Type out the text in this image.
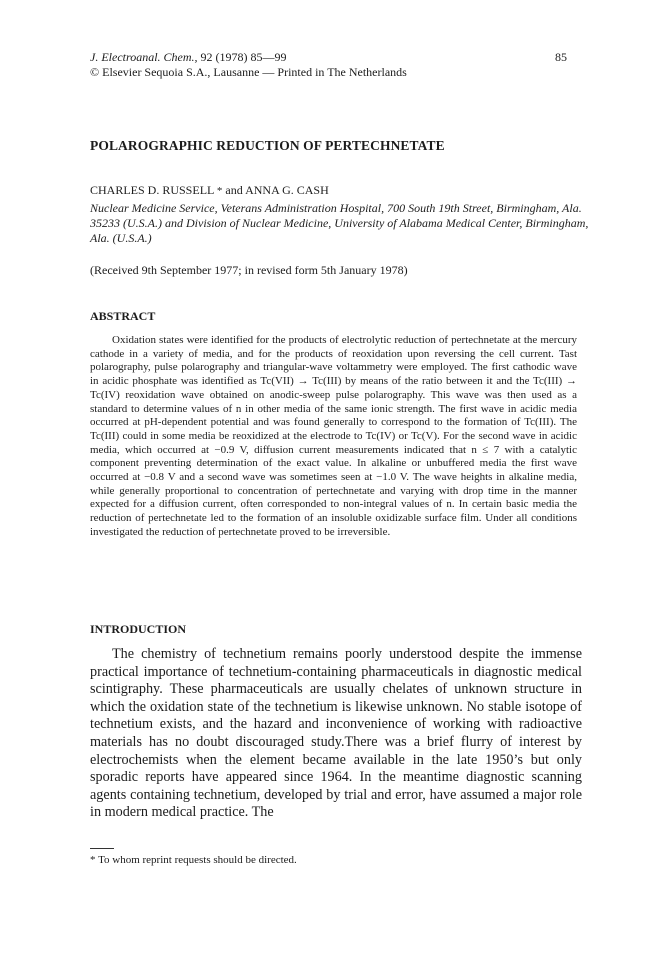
J. Electroanal. Chem., 92 (1978) 85—99

© Elsevier Sequoia S.A., Lausanne — Printed in The Netherlands

85

POLAROGRAPHIC REDUCTION OF PERTECHNETATE

CHARLES D. RUSSELL * and ANNA G. CASH

Nuclear Medicine Service, Veterans Administration Hospital, 700 South 19th Street, Birmingham, Ala. 35233 (U.S.A.) and Division of Nuclear Medicine, University of Alabama Medical Center, Birmingham, Ala. (U.S.A.)

(Received 9th September 1977; in revised form 5th January 1978)

ABSTRACT

Oxidation states were identified for the products of electrolytic reduction of pertechnetate at the mercury cathode in a variety of media, and for the products of reoxidation upon reversing the cell current. Tast polarography, pulse polarography and triangular-wave voltammetry were employed. The first cathodic wave in acidic phosphate was identified as Tc(VII) → Tc(III) by means of the ratio between it and the Tc(III) → Tc(IV) reoxidation wave obtained on anodic-sweep pulse polarography. This wave was then used as a standard to determine values of n in other media of the same ionic strength. The first wave in acidic media occurred at pH-dependent potential and was found generally to correspond to the formation of Tc(III). The Tc(III) could in some media be reoxidized at the electrode to Tc(IV) or Tc(V). For the second wave in acidic media, which occurred at −0.9 V, diffusion current measurements indicated that n ≤ 7 with a catalytic component preventing determination of the exact value. In alkaline or unbuffered media the first wave occurred at −0.8 V and a second wave was sometimes seen at −1.0 V. The wave heights in alkaline media, while generally proportional to concentration of pertechnetate and varying with drop time in the manner expected for a diffusion current, often corresponded to non-integral values of n. In certain basic media the reduction of pertechnetate led to the formation of an insoluble oxidizable surface film. Under all conditions investigated the reduction of pertechnetate proved to be irreversible.

INTRODUCTION

The chemistry of technetium remains poorly understood despite the immense practical importance of technetium-containing pharmaceuticals in diagnostic medical scintigraphy. These pharmaceuticals are usually chelates of unknown structure in which the oxidation state of the technetium is likewise unknown. No stable isotope of technetium exists, and the hazard and inconvenience of working with radioactive materials has no doubt discouraged study.There was a brief flurry of interest by electrochemists when the element became available in the late 1950’s but only sporadic reports have appeared since 1964. In the meantime diagnostic scanning agents containing technetium, developed by trial and error, have assumed a major role in modern medical practice. The

* To whom reprint requests should be directed.
